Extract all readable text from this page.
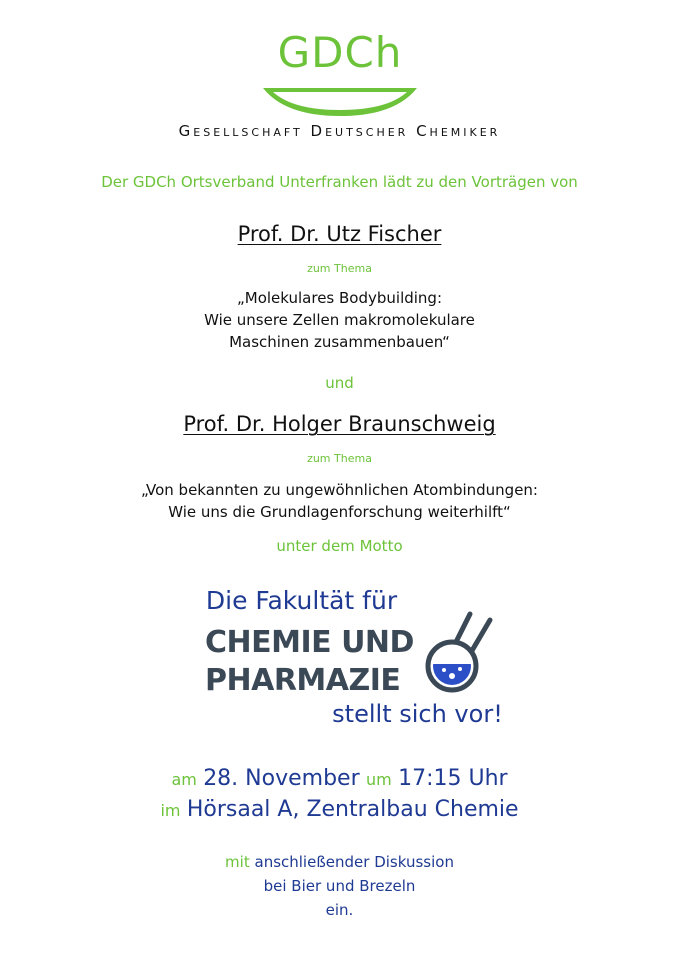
GDCh
Gesellschaft Deutscher Chemiker
Der GDCh Ortsverband Unterfranken lädt zu den Vorträgen von
Prof. Dr. Utz Fischer
zum Thema
„Molekulares Bodybuilding:
Wie unsere Zellen makromolekulare
Maschinen zusammenbauen“
und
Prof. Dr. Holger Braunschweig
zum Thema
„Von bekannten zu ungewöhnlichen Atombindungen:
Wie uns die Grundlagenforschung weiterhilft“
unter dem Motto
Die Fakultät für
CHEMIE UND
PHARMAZIE
stellt sich vor!
am 28. November um 17:15 Uhr
im Hörsaal A, Zentralbau Chemie
mit anschließender Diskussion
bei Bier und Brezeln
ein.
